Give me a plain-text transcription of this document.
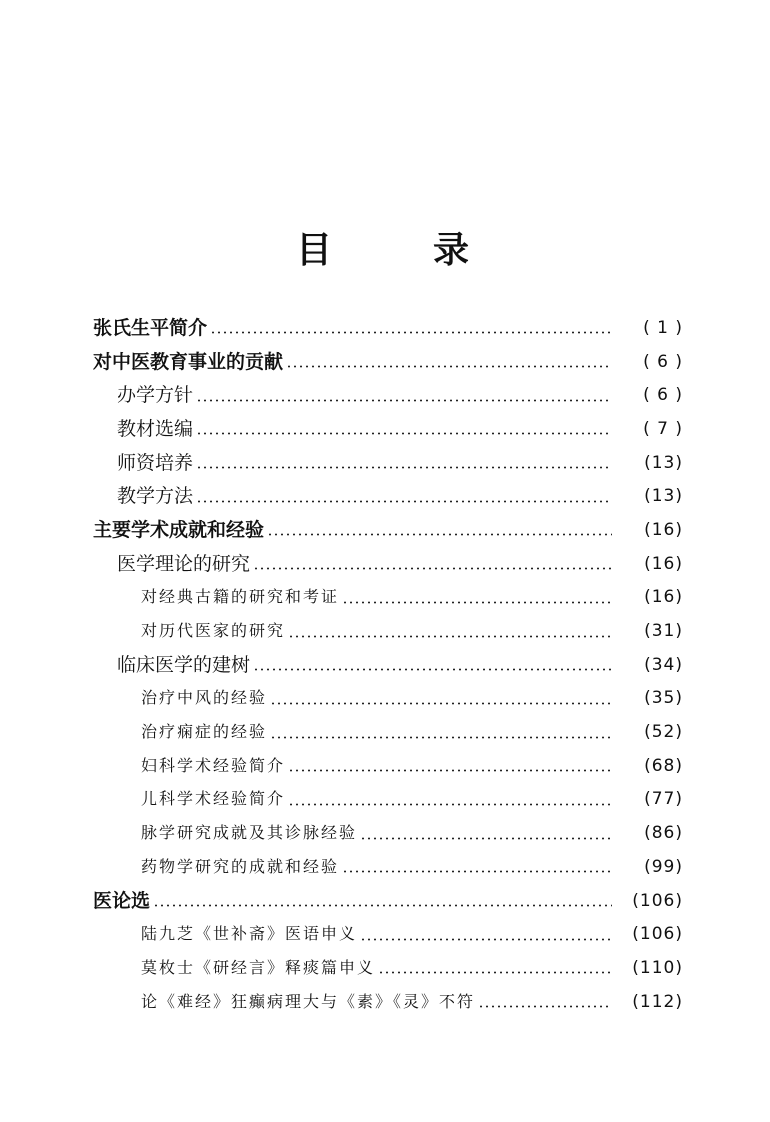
目	录
张氏生平简介	( 1 )
对中医教育事业的贡献	( 6 )
办学方针	( 6 )
教材选编	( 7 )
师资培养	(13)
教学方法	(13)
主要学术成就和经验	(16)
医学理论的研究	(16)
对经典古籍的研究和考证	(16)
对历代医家的研究	(31)
临床医学的建树	(34)
治疗中风的经验	(35)
治疗痫症的经验	(52)
妇科学术经验简介	(68)
儿科学术经验简介	(77)
脉学研究成就及其诊脉经验	(86)
药物学研究的成就和经验	(99)
医论选	(106)
陆九芝《世补斋》医语申义	(106)
莫枚士《研经言》释痰篇申义	(110)
论《难经》狂癫病理大与《素》《灵》不符	(112)
